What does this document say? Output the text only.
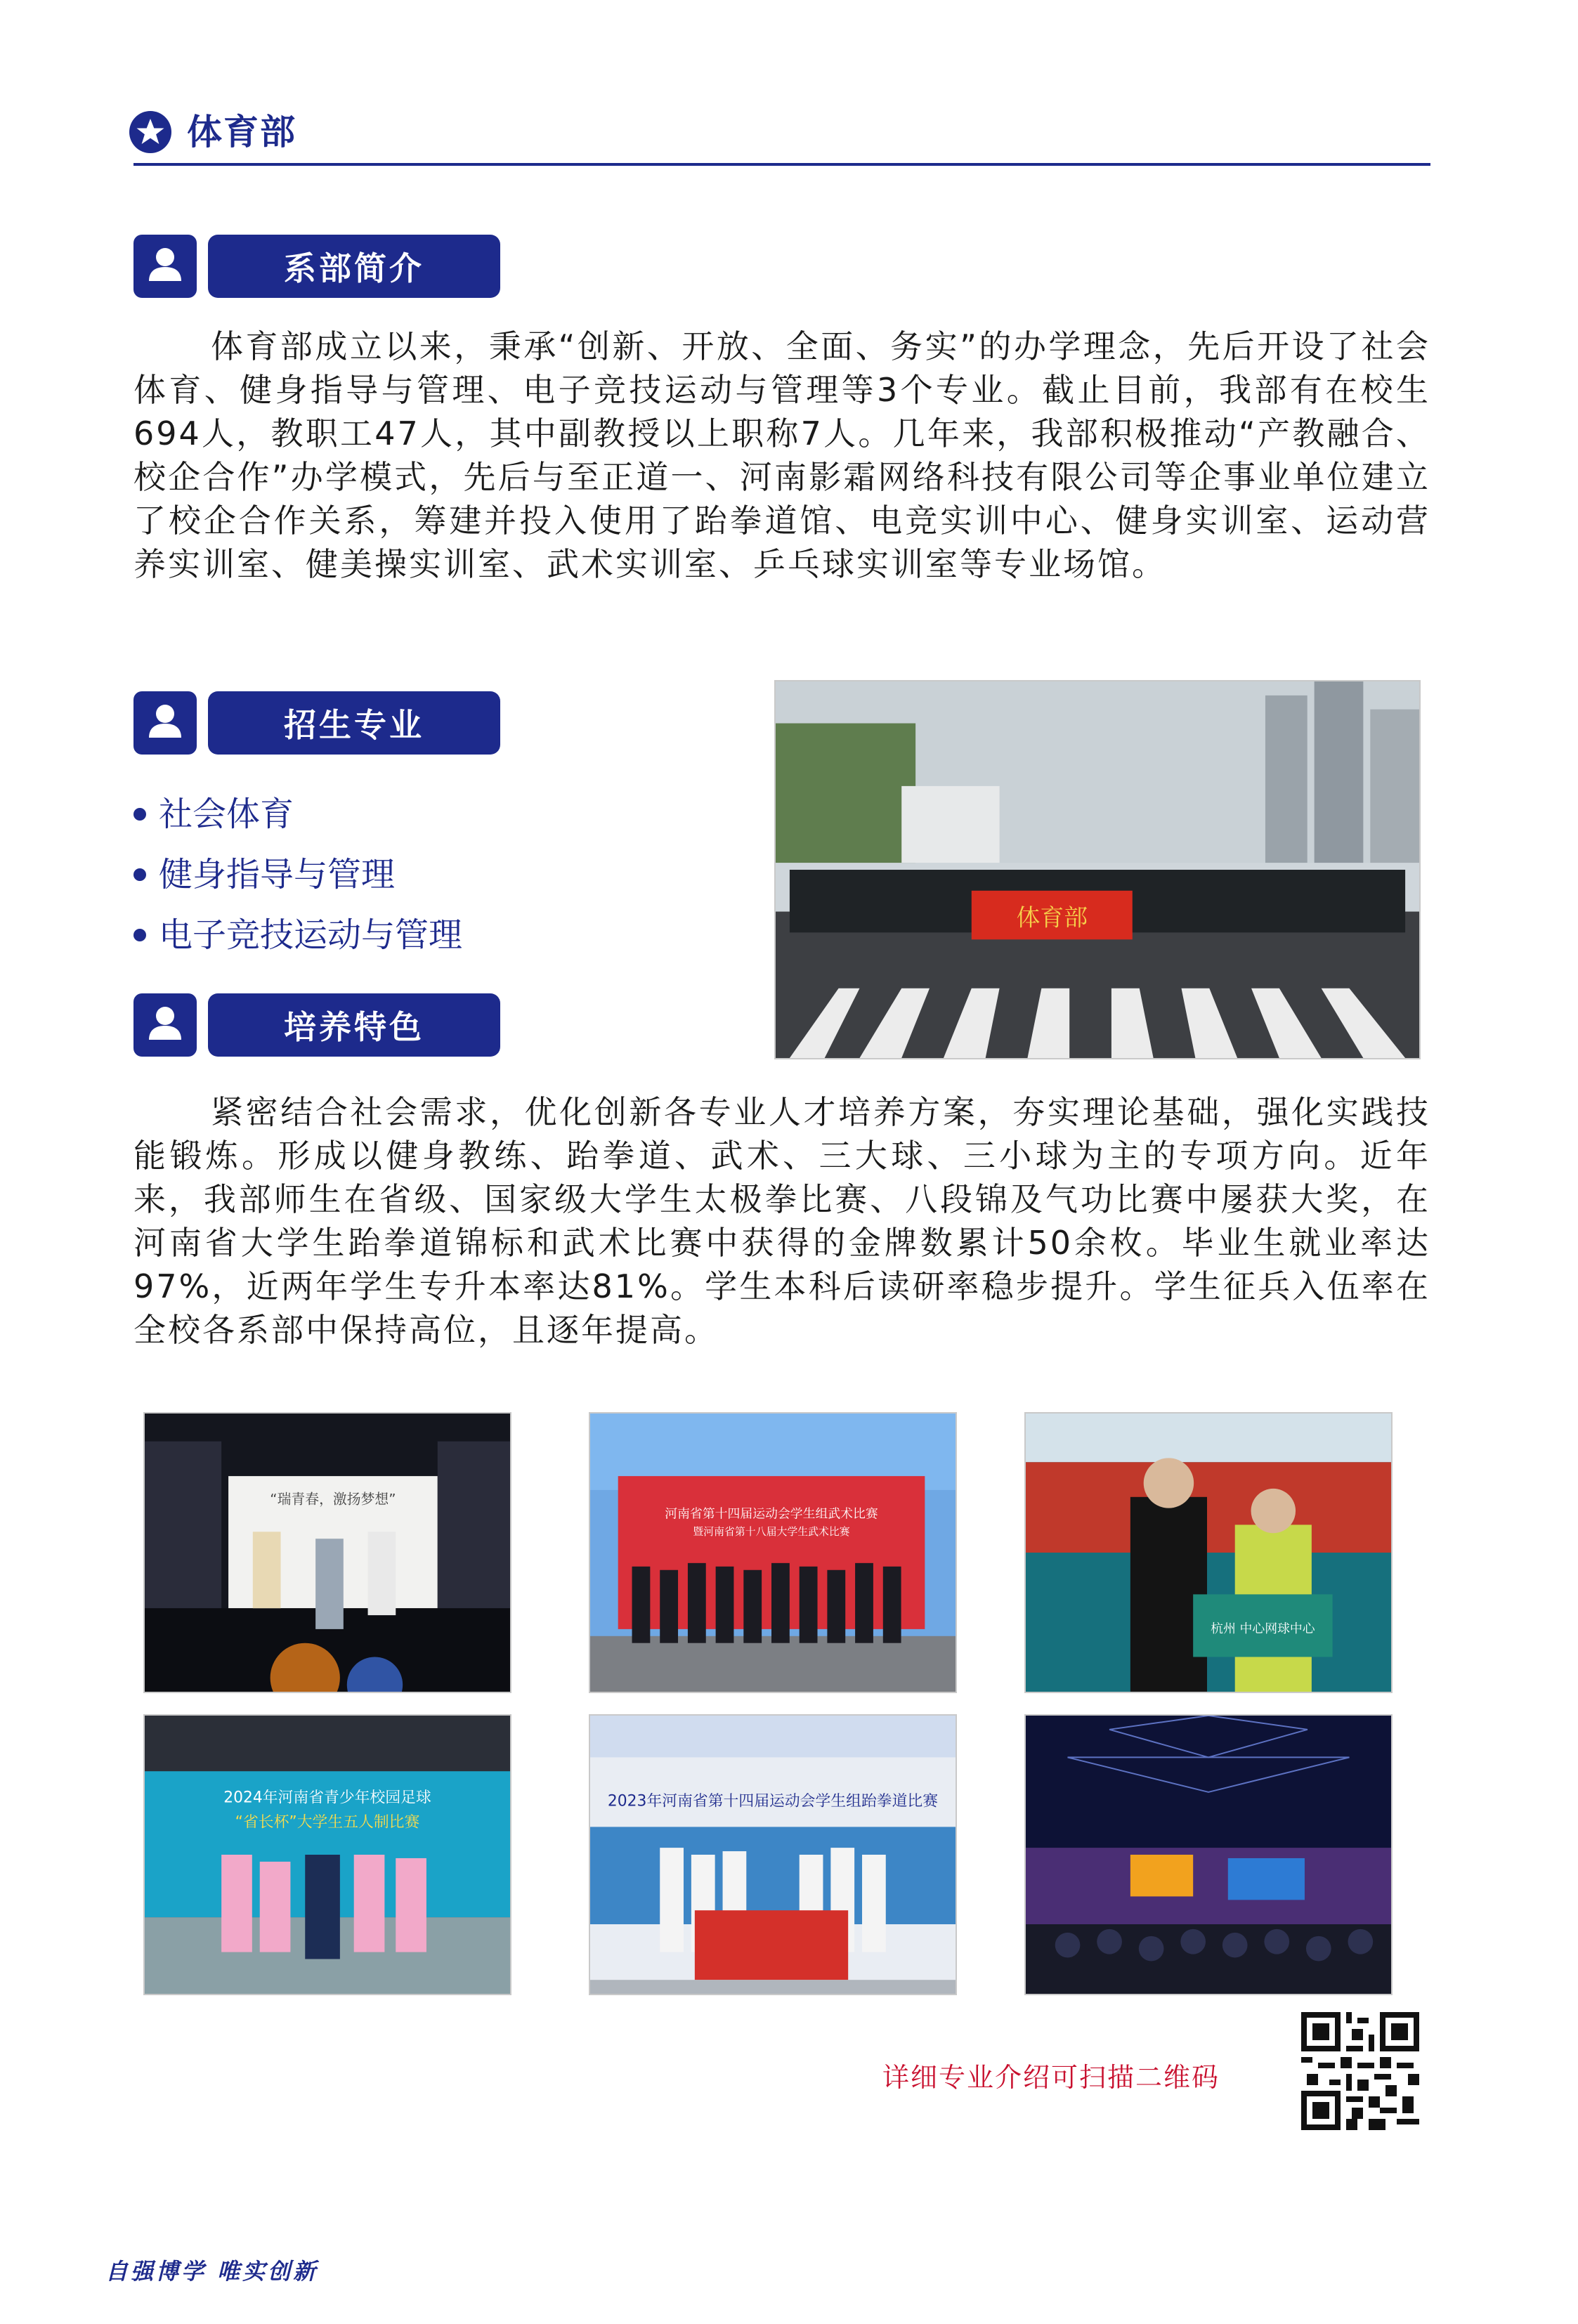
体育部
系部简介

体育部成立以来，秉承“创新、开放、全面、务实”的办学理念，先后开设了社会体育、健身指导与管理、电子竞技运动与管理等3个专业。截止目前，我部有在校生694人，教职工47人，其中副教授以上职称7人。几年来，我部积极推动“产教融合、校企合作”办学模式，先后与至正道一、河南影霜网络科技有限公司等企事业单位建立了校企合作关系，筹建并投入使用了跆拳道馆、电竞实训中心、健身实训室、运动营养实训室、健美操实训室、武术实训室、乒乓球实训室等专业场馆。

招生专业
社会体育
健身指导与管理
电子竞技运动与管理	体育部
培养特色

紧密结合社会需求，优化创新各专业人才培养方案，夯实理论基础，强化实践技能锻炼。形成以健身教练、跆拳道、武术、三大球、三小球为主的专项方向。近年来，我部师生在省级、国家级大学生太极拳比赛、八段锦及气功比赛中屡获大奖，在河南省大学生跆拳道锦标和武术比赛中获得的金牌数累计50余枚。毕业生就业率达97%，近两年学生专升本率达81%。学生本科后读研率稳步提升。学生征兵入伍率在全校各系部中保持高位，且逐年提高。

“瑞青春，激扬梦想”
河南省第十四届运动会学生组武术比赛
暨河南省第十八届大学生武术比赛
杭州 中心网球中心
2024年河南省青少年校园足球
“省长杯”大学生五人制比赛
2023年河南省第十四届运动会学生组跆拳道比赛
详细专业介绍可扫描二维码
自强博学 唯实创新
